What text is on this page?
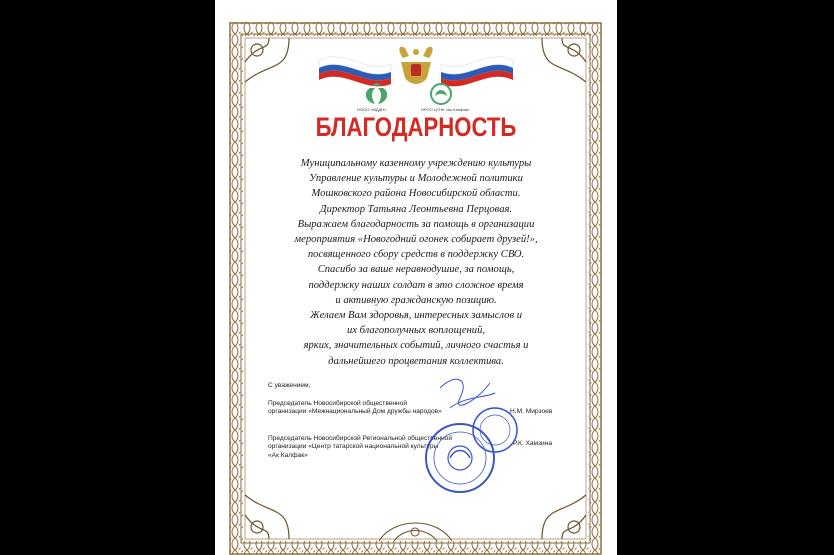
НООО «МДДН»	НРОО ЦТНК «Ак Калфак»
БЛАГОДАРНОСТЬ
Муниципальному казенному учреждению культуры
Управление культуры и Молодежной политики
Мошковского района Новосибирской области.
Директор Татьяна Леонтьевна Перцовая.
Выражаем благодарность за помощь в организации
мероприятия «Новогодний огонек собирает друзей!»,
посвященного сбору средств в поддержку СВО.
Спасибо за ваше неравнодушие, за помощь,
поддержку наших солдат в это сложное время
и активную гражданскую позицию.
Желаем Вам здоровья, интересных замыслов и
их благополучных воплощений,
ярких, значительных событий, личного счастья и
дальнейшего процветания коллектива.
С уважением,
Председатель Новосибирской общественной
организации «Межнациональный Дом дружбы народов»	Н.М. Мирзоев
Председатель Новосибирской Региональной общественной
организации «Центр татарской национальной культуры
«Ак Калфак»
Р.К. Хамзина
